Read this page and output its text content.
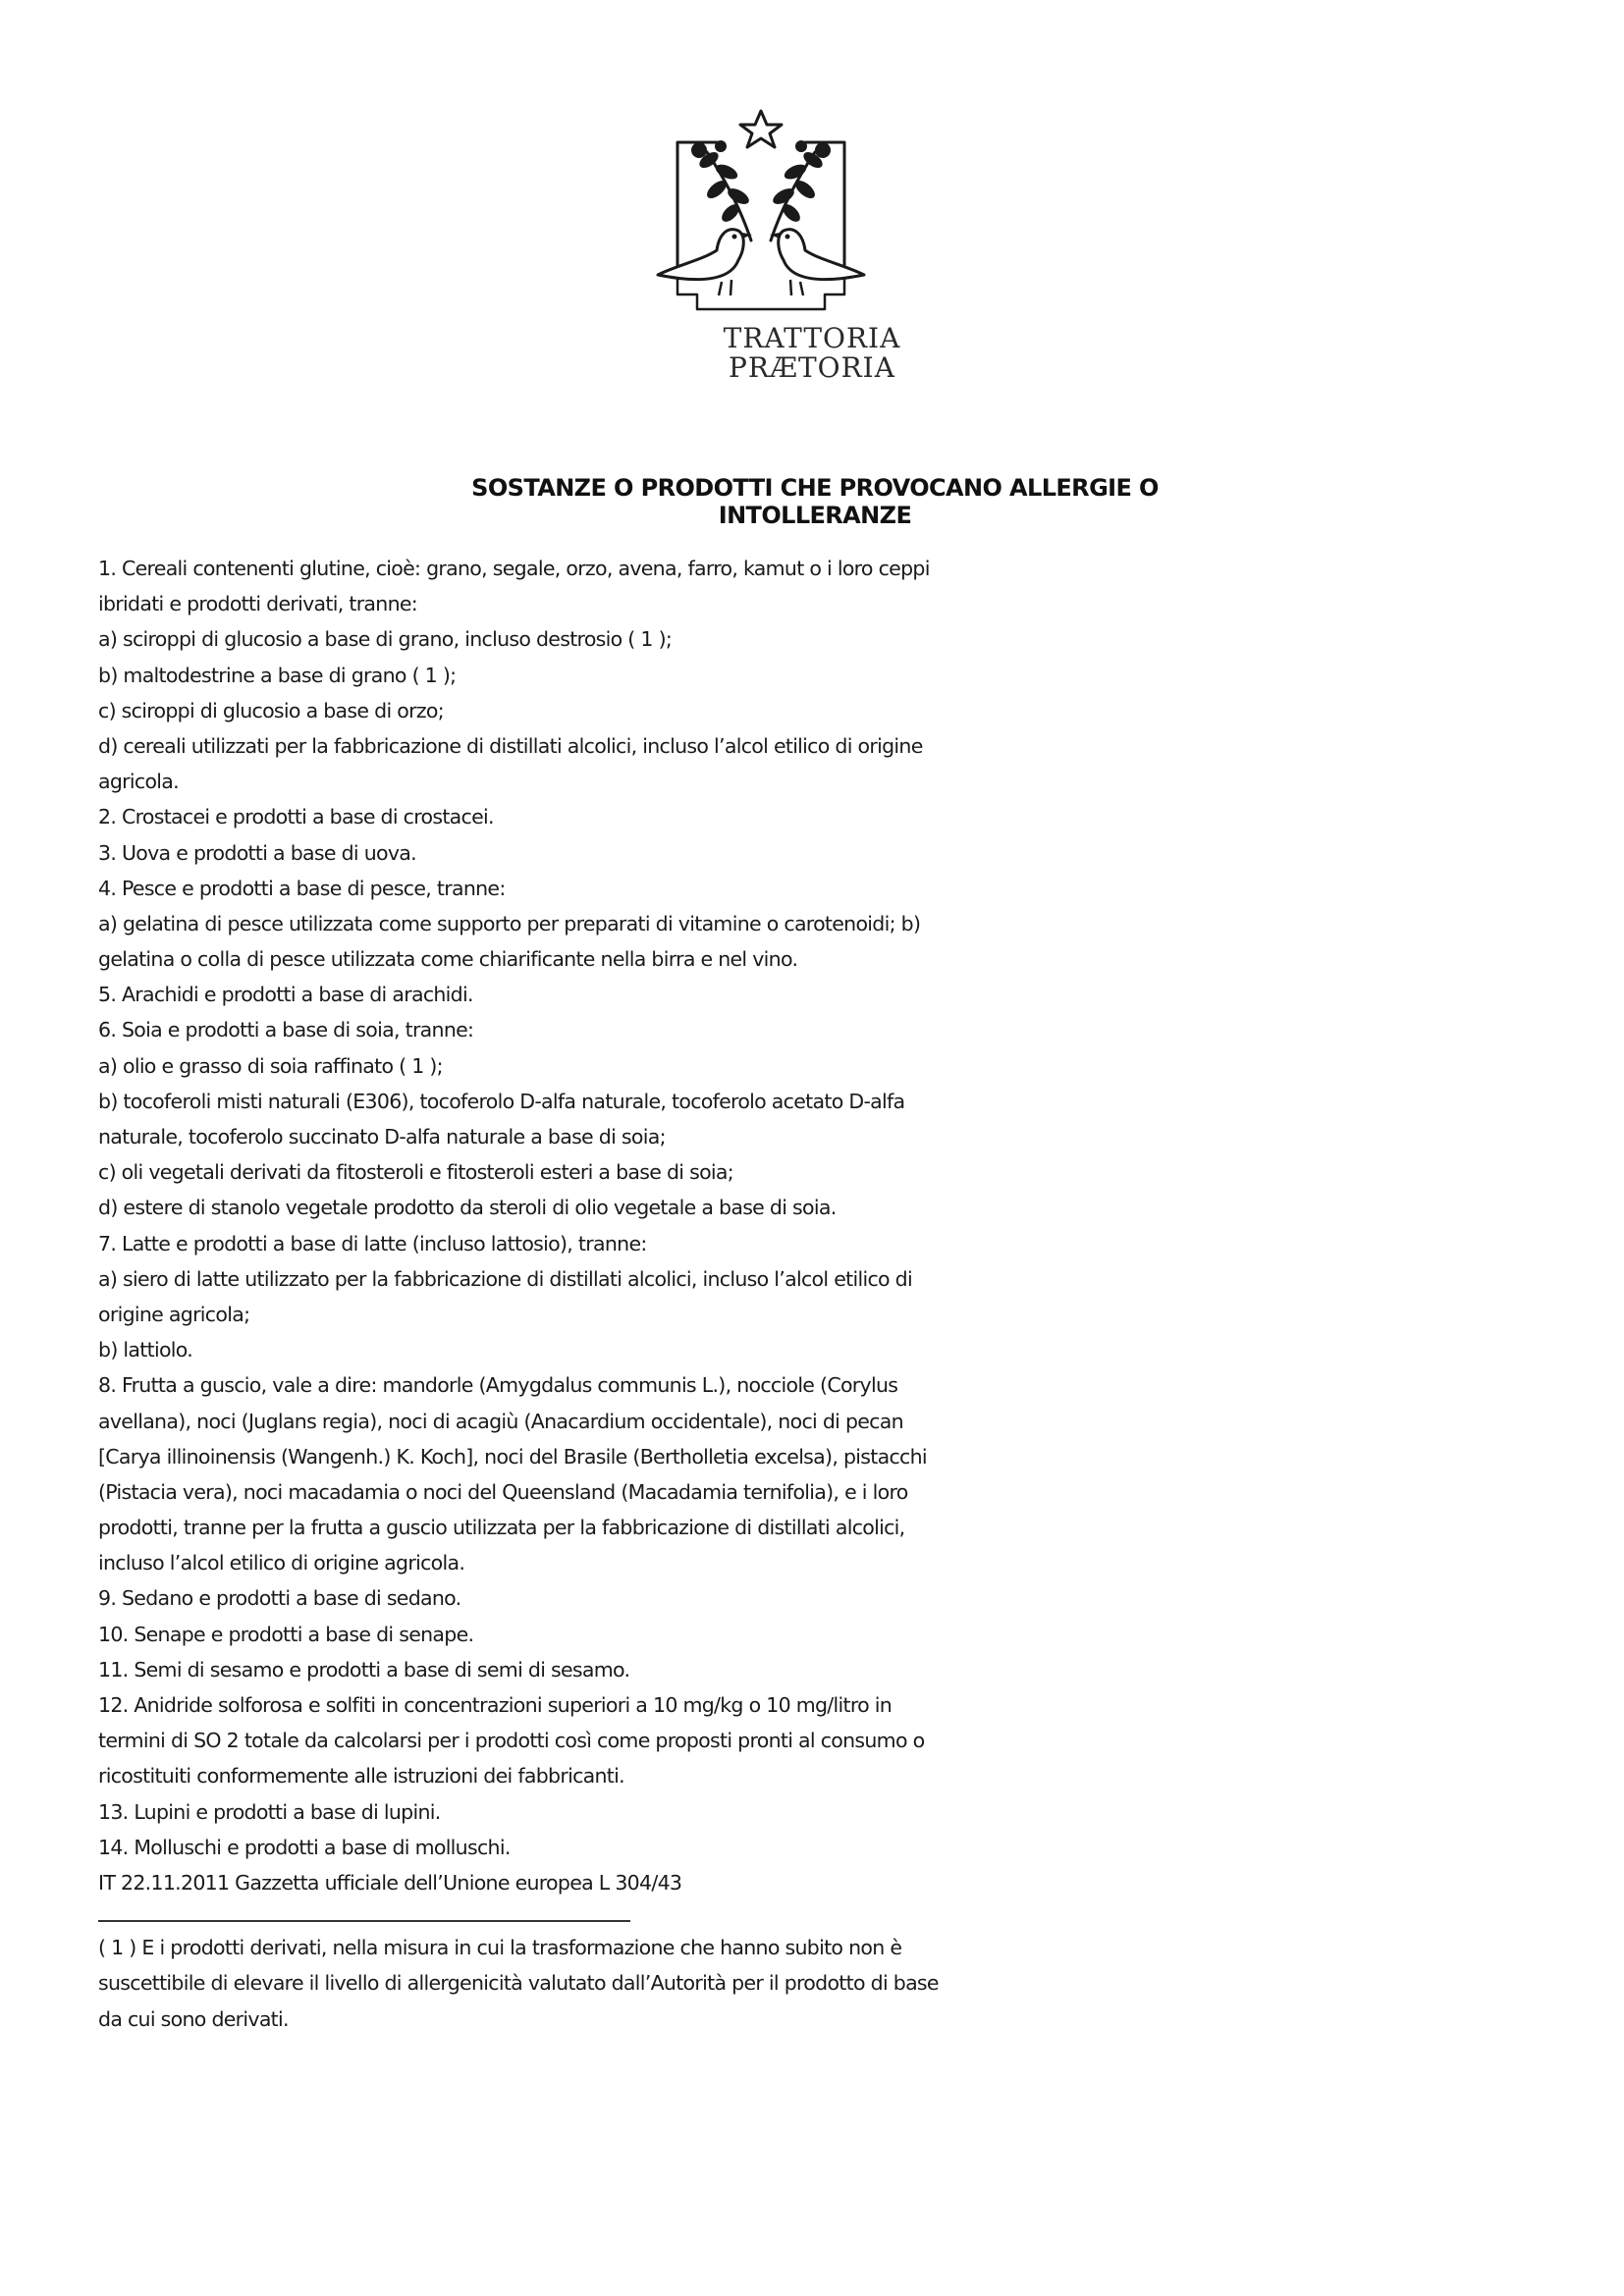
TRATTORIA
PRÆTORIA
SOSTANZE O PRODOTTI CHE PROVOCANO ALLERGIE O INTOLLERANZE
1. Cereali contenenti glutine, cioè: grano, segale, orzo, avena, farro, kamut o i loro ceppi
ibridati e prodotti derivati, tranne:
a) sciroppi di glucosio a base di grano, incluso destrosio ( 1 );
b) maltodestrine a base di grano ( 1 );
c) sciroppi di glucosio a base di orzo;
d) cereali utilizzati per la fabbricazione di distillati alcolici, incluso l’alcol etilico di origine
agricola.
2. Crostacei e prodotti a base di crostacei.
3. Uova e prodotti a base di uova.
4. Pesce e prodotti a base di pesce, tranne:
a) gelatina di pesce utilizzata come supporto per preparati di vitamine o carotenoidi; b)
gelatina o colla di pesce utilizzata come chiarificante nella birra e nel vino.
5. Arachidi e prodotti a base di arachidi.
6. Soia e prodotti a base di soia, tranne:
a) olio e grasso di soia raffinato ( 1 );
b) tocoferoli misti naturali (E306), tocoferolo D-alfa naturale, tocoferolo acetato D-alfa
naturale, tocoferolo succinato D-alfa naturale a base di soia;
c) oli vegetali derivati da fitosteroli e fitosteroli esteri a base di soia;
d) estere di stanolo vegetale prodotto da steroli di olio vegetale a base di soia.
7. Latte e prodotti a base di latte (incluso lattosio), tranne:
a) siero di latte utilizzato per la fabbricazione di distillati alcolici, incluso l’alcol etilico di
origine agricola;
b) lattiolo.
8. Frutta a guscio, vale a dire: mandorle (Amygdalus communis L.), nocciole (Corylus
avellana), noci (Juglans regia), noci di acagiù (Anacardium occidentale), noci di pecan
[Carya illinoinensis (Wangenh.) K. Koch], noci del Brasile (Bertholletia excelsa), pistacchi
(Pistacia vera), noci macadamia o noci del Queensland (Macadamia ternifolia), e i loro
prodotti, tranne per la frutta a guscio utilizzata per la fabbricazione di distillati alcolici,
incluso l’alcol etilico di origine agricola.
9. Sedano e prodotti a base di sedano.
10. Senape e prodotti a base di senape.
11. Semi di sesamo e prodotti a base di semi di sesamo.
12. Anidride solforosa e solfiti in concentrazioni superiori a 10 mg/kg o 10 mg/litro in
termini di SO 2 totale da calcolarsi per i prodotti così come proposti pronti al consumo o
ricostituiti conformemente alle istruzioni dei fabbricanti.
13. Lupini e prodotti a base di lupini.
14. Molluschi e prodotti a base di molluschi.
IT 22.11.2011 Gazzetta ufficiale dell’Unione europea L 304/43
( 1 ) E i prodotti derivati, nella misura in cui la trasformazione che hanno subito non è
suscettibile di elevare il livello di allergenicità valutato dall’Autorità per il prodotto di base
da cui sono derivati.
